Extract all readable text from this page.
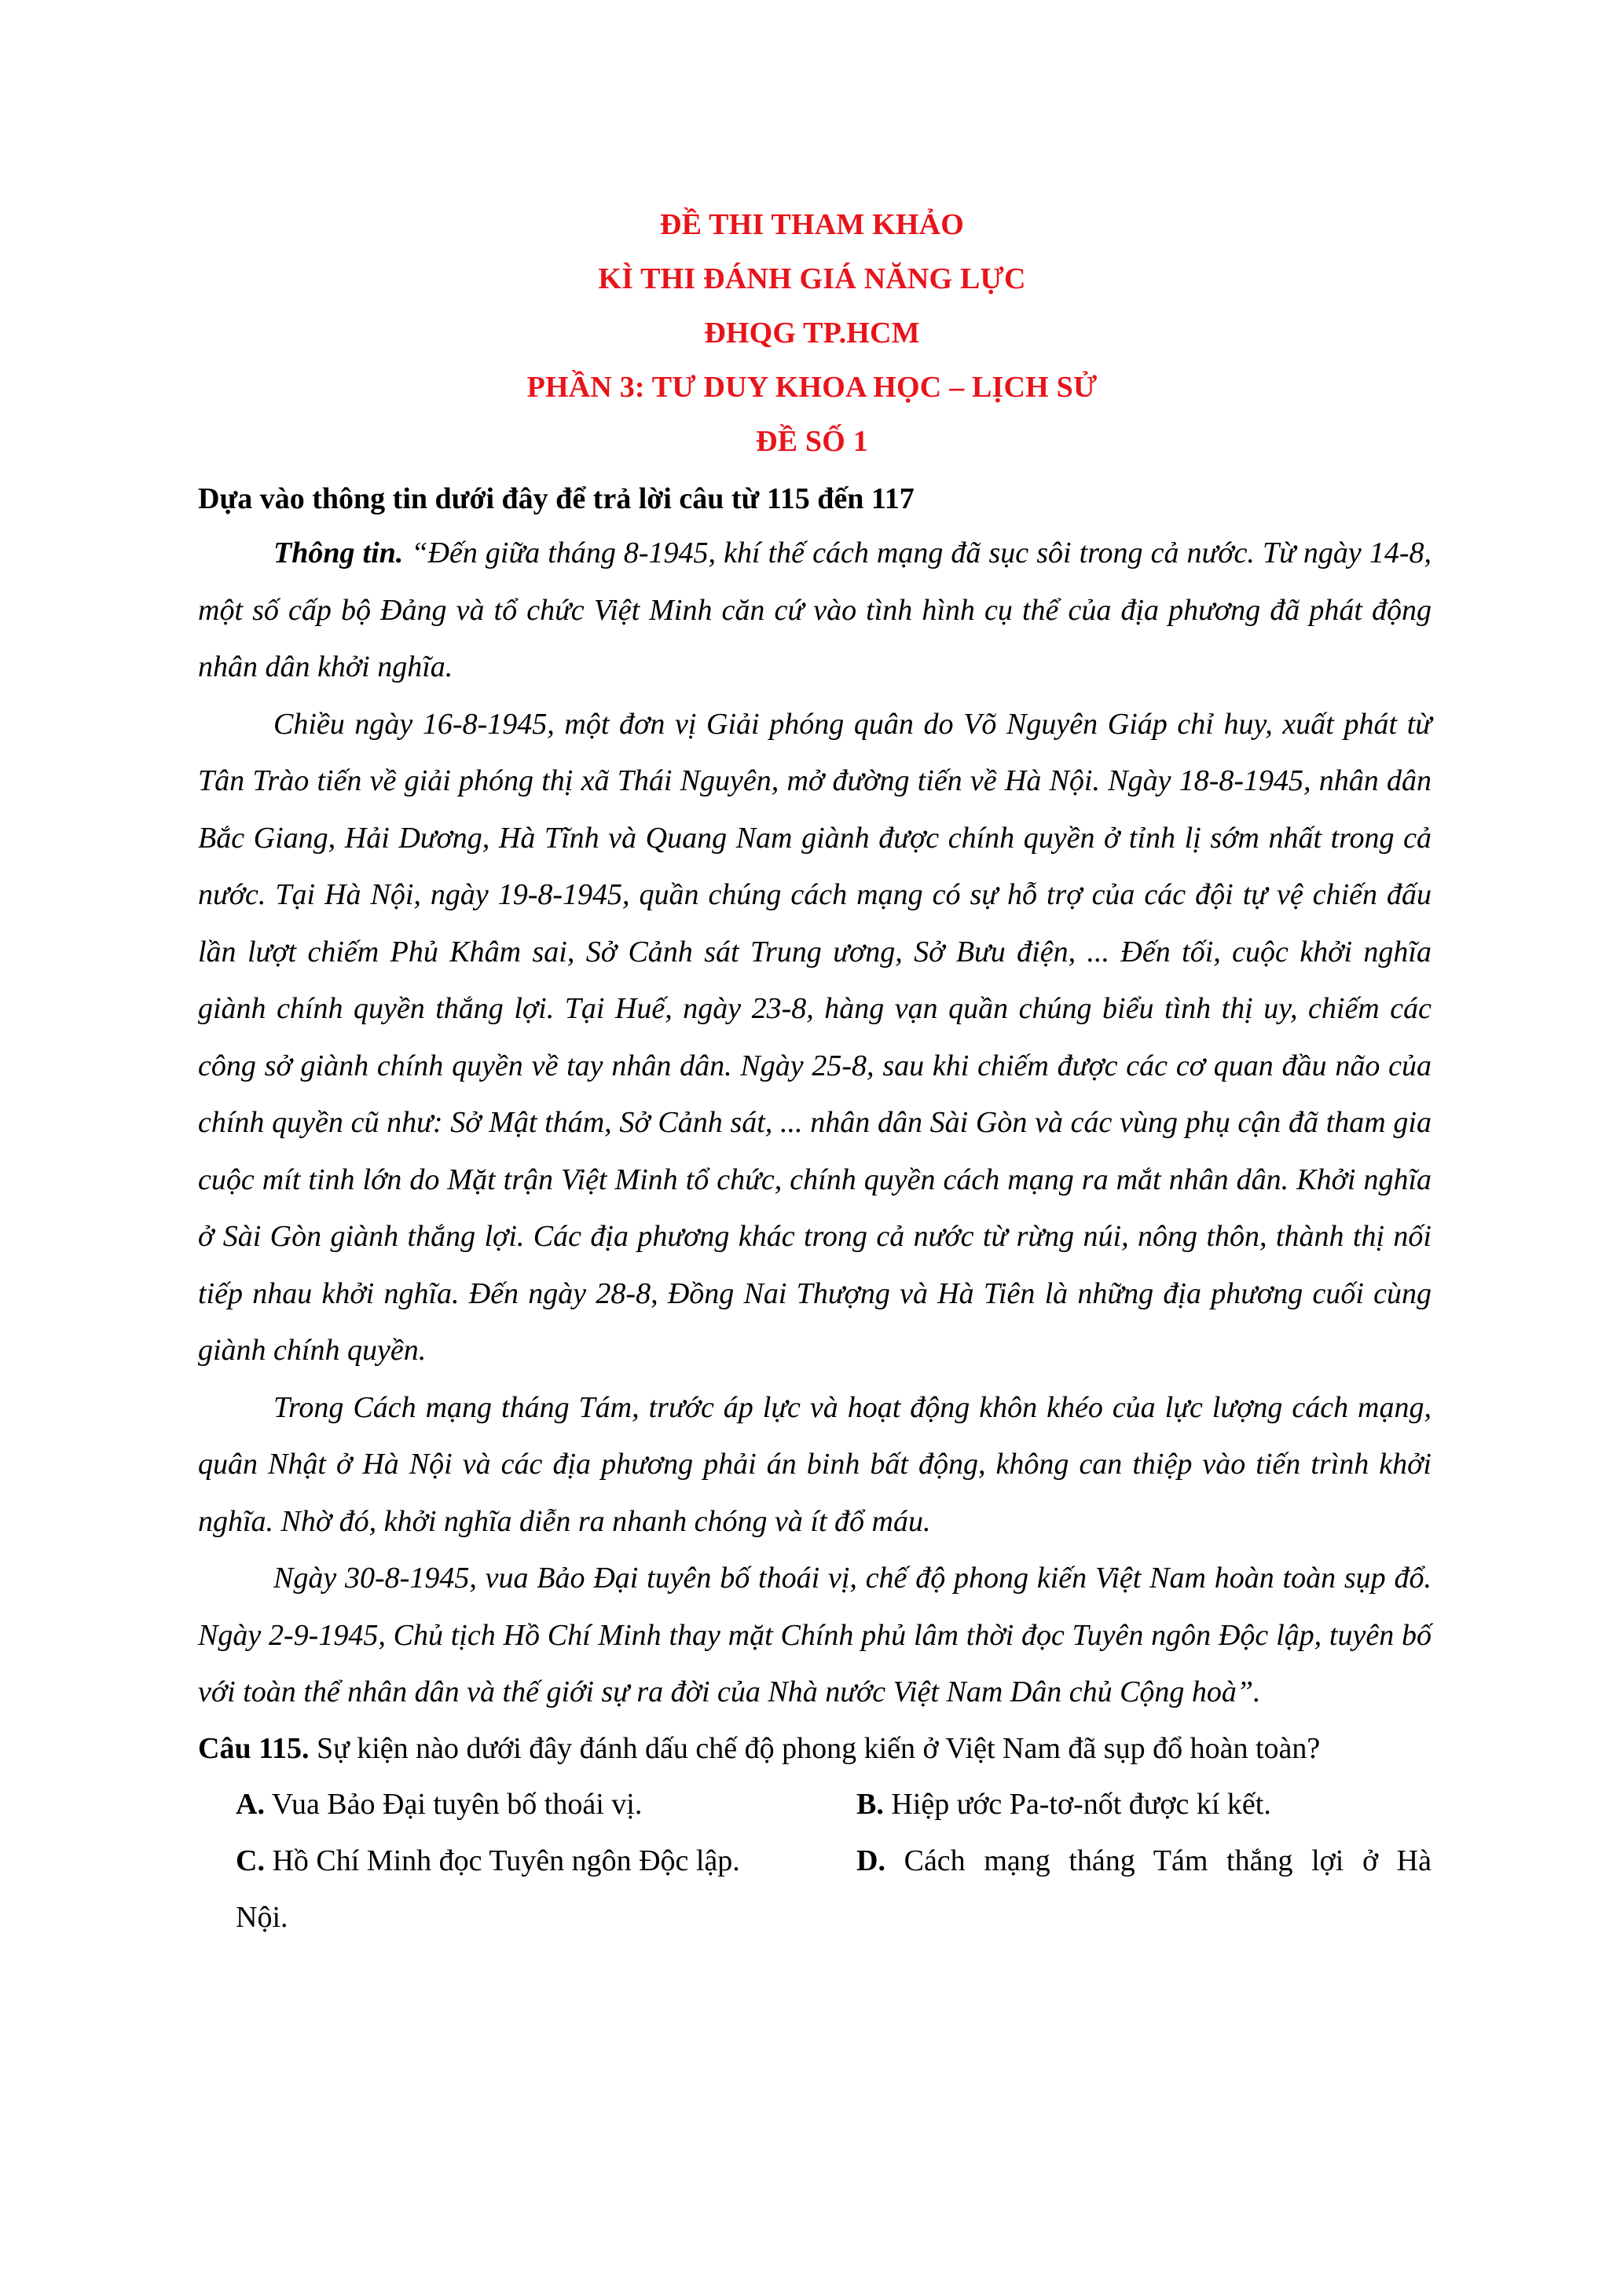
ĐỀ THI THAM KHẢO
KÌ THI ĐÁNH GIÁ NĂNG LỰC
ĐHQG TP.HCM
PHẦN 3: TƯ DUY KHOA HỌC – LỊCH SỬ
ĐỀ SỐ 1

Dựa vào thông tin dưới đây để trả lời câu từ 115 đến 117

Thông tin. “Đến giữa tháng 8-1945, khí thế cách mạng đã sục sôi trong cả nước. Từ ngày 14-8, một số cấp bộ Đảng và tổ chức Việt Minh căn cứ vào tình hình cụ thể của địa phương đã phát động nhân dân khởi nghĩa.

Chiều ngày 16-8-1945, một đơn vị Giải phóng quân do Võ Nguyên Giáp chỉ huy, xuất phát từ Tân Trào tiến về giải phóng thị xã Thái Nguyên, mở đường tiến về Hà Nội. Ngày 18-8-1945, nhân dân Bắc Giang, Hải Dương, Hà Tĩnh và Quang Nam giành được chính quyền ở tỉnh lị sớm nhất trong cả nước. Tại Hà Nội, ngày 19-8-1945, quần chúng cách mạng có sự hỗ trợ của các đội tự vệ chiến đấu lần lượt chiếm Phủ Khâm sai, Sở Cảnh sát Trung ương, Sở Bưu điện, ... Đến tối, cuộc khởi nghĩa giành chính quyền thắng lợi. Tại Huế, ngày 23-8, hàng vạn quần chúng biểu tình thị uy, chiếm các công sở giành chính quyền về tay nhân dân. Ngày 25-8, sau khi chiếm được các cơ quan đầu não của chính quyền cũ như: Sở Mật thám, Sở Cảnh sát, ... nhân dân Sài Gòn và các vùng phụ cận đã tham gia cuộc mít tinh lớn do Mặt trận Việt Minh tổ chức, chính quyền cách mạng ra mắt nhân dân. Khởi nghĩa ở Sài Gòn giành thắng lợi. Các địa phương khác trong cả nước từ rừng núi, nông thôn, thành thị nối tiếp nhau khởi nghĩa. Đến ngày 28-8, Đồng Nai Thượng và Hà Tiên là những địa phương cuối cùng giành chính quyền.

Trong Cách mạng tháng Tám, trước áp lực và hoạt động khôn khéo của lực lượng cách mạng, quân Nhật ở Hà Nội và các địa phương phải án binh bất động, không can thiệp vào tiến trình khởi nghĩa. Nhờ đó, khởi nghĩa diễn ra nhanh chóng và ít đổ máu.

Ngày 30-8-1945, vua Bảo Đại tuyên bố thoái vị, chế độ phong kiến Việt Nam hoàn toàn sụp đổ. Ngày 2-9-1945, Chủ tịch Hồ Chí Minh thay mặt Chính phủ lâm thời đọc Tuyên ngôn Độc lập, tuyên bố với toàn thể nhân dân và thế giới sự ra đời của Nhà nước Việt Nam Dân chủ Cộng hoà”.

Câu 115. Sự kiện nào dưới đây đánh dấu chế độ phong kiến ở Việt Nam đã sụp đổ hoàn toàn?

A. Vua Bảo Đại tuyên bố thoái vị.	B. Hiệp ước Pa-tơ-nốt được kí kết.
C. Hồ Chí Minh đọc Tuyên ngôn Độc lập.	D. Cách mạng tháng Tám thắng lợi ở Hà
Nội.
